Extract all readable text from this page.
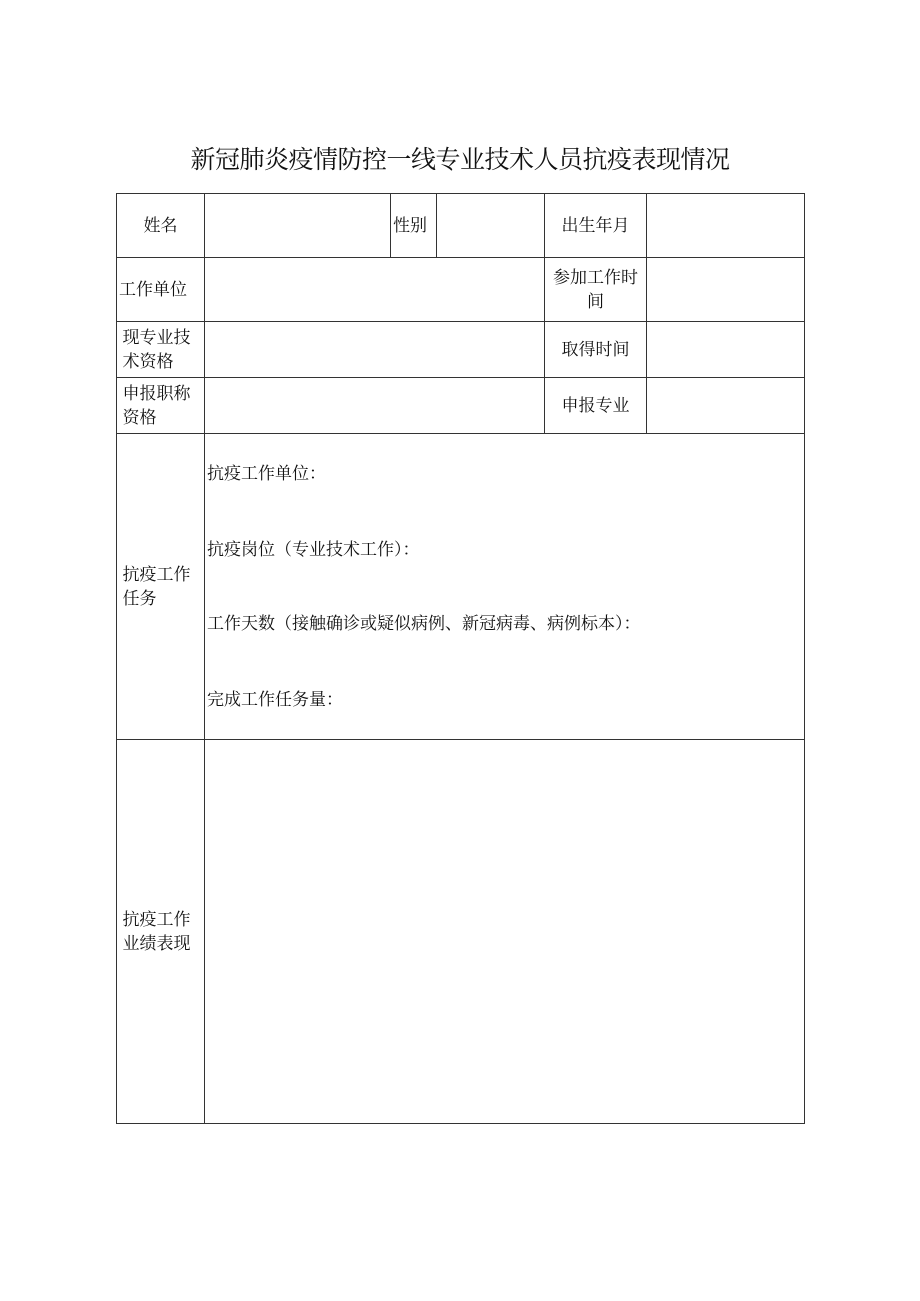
新冠肺炎疫情防控一线专业技术人员抗疫表现情况
姓名		性别		出生年月	
工作单位				参加工作时间	
现专业技术资格				取得时间	
申报职称资格				申报专业	
抗疫工作任务	抗疫工作单位：
抗疫岗位（专业技术工作）：
工作天数（接触确诊或疑似病例、新冠病毒、病例标本）：
完成工作任务量：				

抗疫工作业绩表现					
